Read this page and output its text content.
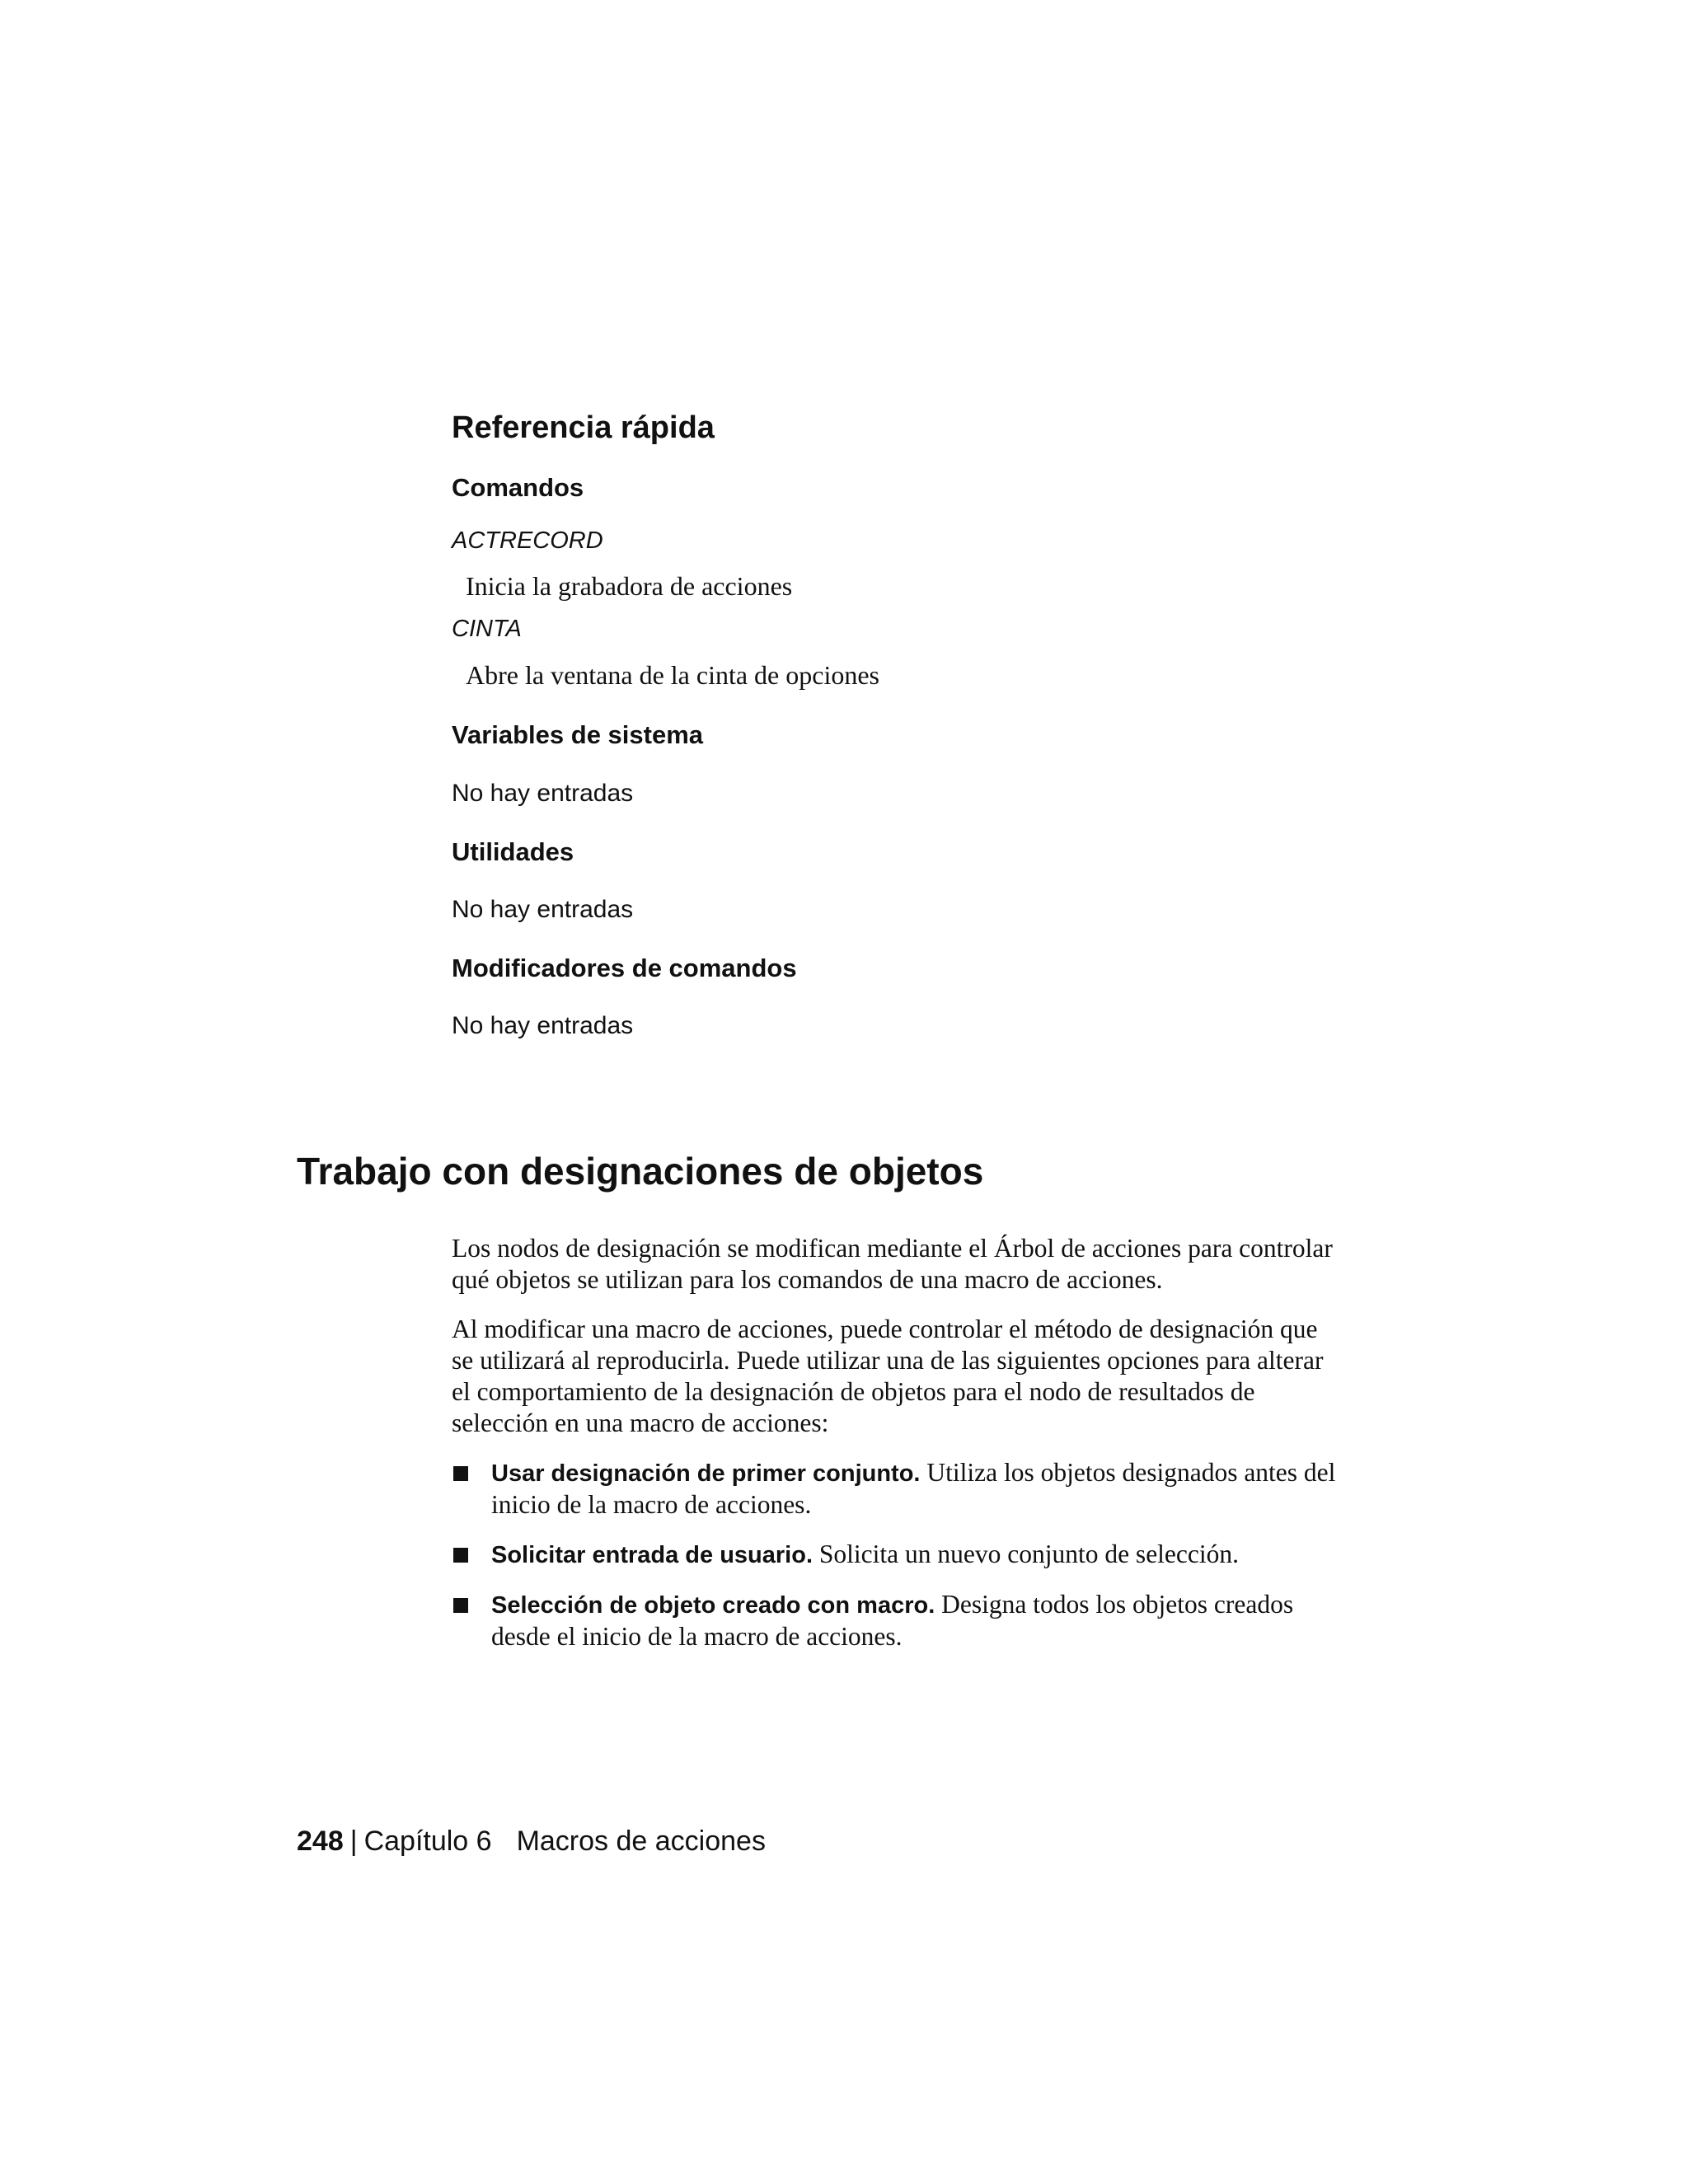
Referencia rápida
Comandos

ACTRECORD

Inicia la grabadora de acciones

CINTA

Abre la ventana de la cinta de opciones

Variables de sistema

No hay entradas

Utilidades

No hay entradas

Modificadores de comandos

No hay entradas

Trabajo con designaciones de objetos

Los nodos de designación se modifican mediante el Árbol de acciones para controlar qué objetos se utilizan para los comandos de una macro de acciones.

Al modificar una macro de acciones, puede controlar el método de designación que se utilizará al reproducirla. Puede utilizar una de las siguientes opciones para alterar el comportamiento de la designación de objetos para el nodo de resultados de selección en una macro de acciones:

Usar designación de primer conjunto. Utiliza los objetos designados antes del inicio de la macro de acciones.
Solicitar entrada de usuario. Solicita un nuevo conjunto de selección.
Selección de objeto creado con macro. Designa todos los objetos creados desde el inicio de la macro de acciones.
248 | Capítulo 6 Macros de acciones
